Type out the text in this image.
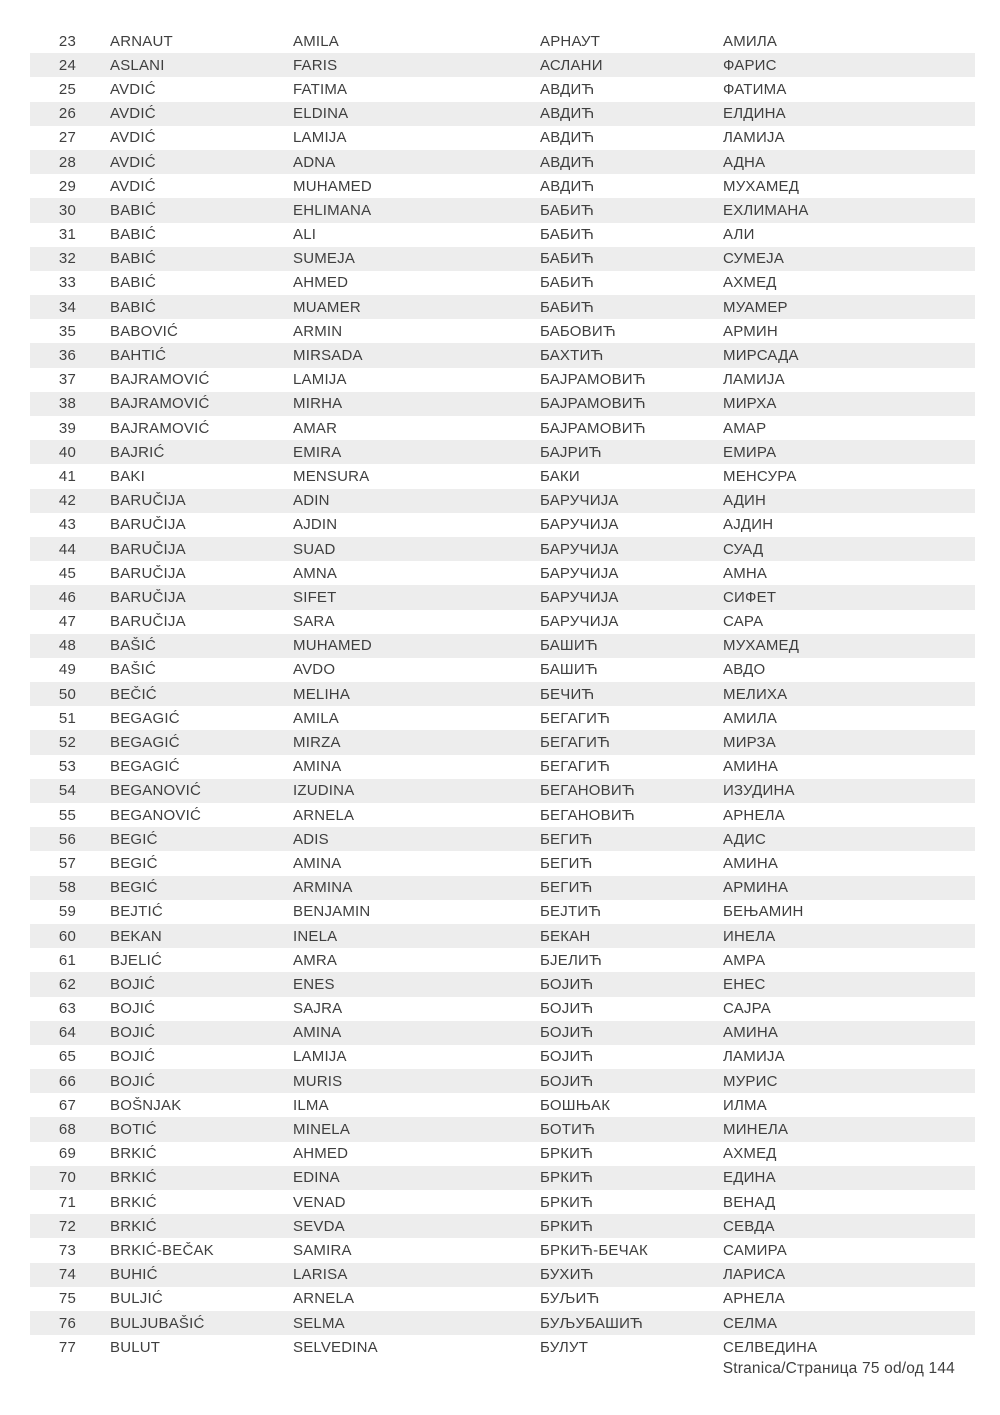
23	ARNAUT	AMILA	АРНАУТ	АМИЛА
24	ASLANI	FARIS	АСЛАНИ	ФАРИС
25	AVDIĆ	FATIMA	АВДИЋ	ФАТИМА
26	AVDIĆ	ELDINA	АВДИЋ	ЕЛДИНА
27	AVDIĆ	LAMIJA	АВДИЋ	ЛАМИЈА
28	AVDIĆ	ADNA	АВДИЋ	АДНА
29	AVDIĆ	MUHAMED	АВДИЋ	МУХАМЕД
30	BABIĆ	EHLIMANA	БАБИЋ	ЕХЛИМАНА
31	BABIĆ	ALI	БАБИЋ	АЛИ
32	BABIĆ	SUMEJA	БАБИЋ	СУМЕЈА
33	BABIĆ	AHMED	БАБИЋ	АХМЕД
34	BABIĆ	MUAMER	БАБИЋ	МУАМЕР
35	BABOVIĆ	ARMIN	БАБОВИЋ	АРМИН
36	BAHTIĆ	MIRSADA	БАХТИЋ	МИРСАДА
37	BAJRAMOVIĆ	LAMIJA	БАЈРАМОВИЋ	ЛАМИЈА
38	BAJRAMOVIĆ	MIRHA	БАЈРАМОВИЋ	МИРХА
39	BAJRAMOVIĆ	AMAR	БАЈРАМОВИЋ	АМАР
40	BAJRIĆ	EMIRA	БАЈРИЋ	ЕМИРА
41	BAKI	MENSURA	БАКИ	МЕНСУРА
42	BARUČIJA	ADIN	БАРУЧИЈА	АДИН
43	BARUČIJA	AJDIN	БАРУЧИЈА	АЈДИН
44	BARUČIJA	SUAD	БАРУЧИЈА	СУАД
45	BARUČIJA	AMNA	БАРУЧИЈА	АМНА
46	BARUČIJA	SIFET	БАРУЧИЈА	СИФЕТ
47	BARUČIJA	SARA	БАРУЧИЈА	САРА
48	BAŠIĆ	MUHAMED	БАШИЋ	МУХАМЕД
49	BAŠIĆ	AVDO	БАШИЋ	АВДО
50	BEČIĆ	MELIHA	БЕЧИЋ	МЕЛИХА
51	BEGAGIĆ	AMILA	БЕГАГИЋ	АМИЛА
52	BEGAGIĆ	MIRZA	БЕГАГИЋ	МИРЗА
53	BEGAGIĆ	AMINA	БЕГАГИЋ	АМИНА
54	BEGANOVIĆ	IZUDINA	БЕГАНОВИЋ	ИЗУДИНА
55	BEGANOVIĆ	ARNELA	БЕГАНОВИЋ	АРНЕЛА
56	BEGIĆ	ADIS	БЕГИЋ	АДИС
57	BEGIĆ	AMINA	БЕГИЋ	АМИНА
58	BEGIĆ	ARMINA	БЕГИЋ	АРМИНА
59	BEJTIĆ	BENJAMIN	БЕЈТИЋ	БЕЊАМИН
60	BEKAN	INELA	БЕКАН	ИНЕЛА
61	BJELIĆ	AMRA	БЈЕЛИЋ	АМРА
62	BOJIĆ	ENES	БОЈИЋ	ЕНЕС
63	BOJIĆ	SAJRA	БОЈИЋ	САЈРА
64	BOJIĆ	AMINA	БОЈИЋ	АМИНА
65	BOJIĆ	LAMIJA	БОЈИЋ	ЛАМИЈА
66	BOJIĆ	MURIS	БОЈИЋ	МУРИС
67	BOŠNJAK	ILMA	БОШЊАК	ИЛМА
68	BOTIĆ	MINELA	БОТИЋ	МИНЕЛА
69	BRKIĆ	AHMED	БРКИЋ	АХМЕД
70	BRKIĆ	EDINA	БРКИЋ	ЕДИНА
71	BRKIĆ	VENAD	БРКИЋ	ВЕНАД
72	BRKIĆ	SEVDA	БРКИЋ	СЕВДА
73	BRKIĆ-BEČAK	SAMIRA	БРКИЋ-БЕЧАК	САМИРА
74	BUHIĆ	LARISA	БУХИЋ	ЛАРИСА
75	BULJIĆ	ARNELA	БУЉИЋ	АРНЕЛА
76	BULJUBAŠIĆ	SELMA	БУЉУБАШИЋ	СЕЛМА
77	BULUT	SELVEDINA	БУЛУТ	СЕЛВЕДИНА
Stranica/Страница 75 od/од 144
